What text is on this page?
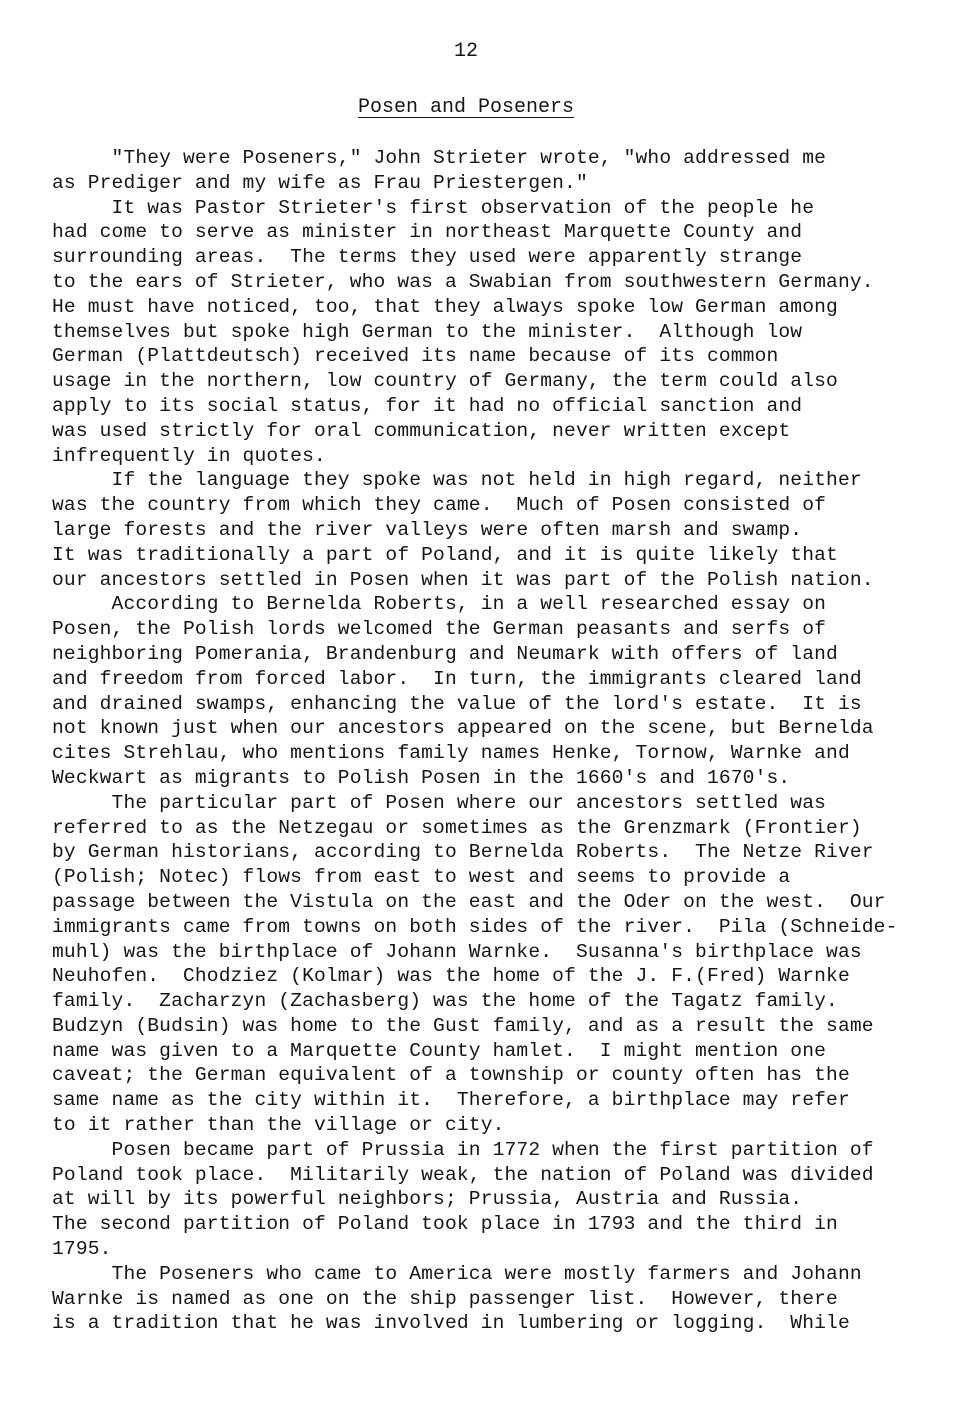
12
Posen and Poseners
"They were Poseners," John Strieter wrote, "who addressed me
as Prediger and my wife as Frau Priestergen."
It was Pastor Strieter's first observation of the people he
had come to serve as minister in northeast Marquette County and
surrounding areas.  The terms they used were apparently strange
to the ears of Strieter, who was a Swabian from southwestern Germany.
He must have noticed, too, that they always spoke low German among
themselves but spoke high German to the minister.  Although low
German (Plattdeutsch) received its name because of its common
usage in the northern, low country of Germany, the term could also
apply to its social status, for it had no official sanction and
was used strictly for oral communication, never written except
infrequently in quotes.
If the language they spoke was not held in high regard, neither
was the country from which they came.  Much of Posen consisted of
large forests and the river valleys were often marsh and swamp.
It was traditionally a part of Poland, and it is quite likely that
our ancestors settled in Posen when it was part of the Polish nation.
According to Bernelda Roberts, in a well researched essay on
Posen, the Polish lords welcomed the German peasants and serfs of
neighboring Pomerania, Brandenburg and Neumark with offers of land
and freedom from forced labor.  In turn, the immigrants cleared land
and drained swamps, enhancing the value of the lord's estate.  It is
not known just when our ancestors appeared on the scene, but Bernelda
cites Strehlau, who mentions family names Henke, Tornow, Warnke and
Weckwart as migrants to Polish Posen in the 1660's and 1670's.
The particular part of Posen where our ancestors settled was
referred to as the Netzegau or sometimes as the Grenzmark (Frontier)
by German historians, according to Bernelda Roberts.  The Netze River
(Polish; Notec) flows from east to west and seems to provide a
passage between the Vistula on the east and the Oder on the west.  Our
immigrants came from towns on both sides of the river.  Pila (Schneide-
muhl) was the birthplace of Johann Warnke.  Susanna's birthplace was
Neuhofen.  Chodziez (Kolmar) was the home of the J. F.(Fred) Warnke
family.  Zacharzyn (Zachasberg) was the home of the Tagatz family.
Budzyn (Budsin) was home to the Gust family, and as a result the same
name was given to a Marquette County hamlet.  I might mention one
caveat; the German equivalent of a township or county often has the
same name as the city within it.  Therefore, a birthplace may refer
to it rather than the village or city.
Posen became part of Prussia in 1772 when the first partition of
Poland took place.  Militarily weak, the nation of Poland was divided
at will by its powerful neighbors; Prussia, Austria and Russia.
The second partition of Poland took place in 1793 and the third in
1795.
The Poseners who came to America were mostly farmers and Johann
Warnke is named as one on the ship passenger list.  However, there
is a tradition that he was involved in lumbering or logging.  While
